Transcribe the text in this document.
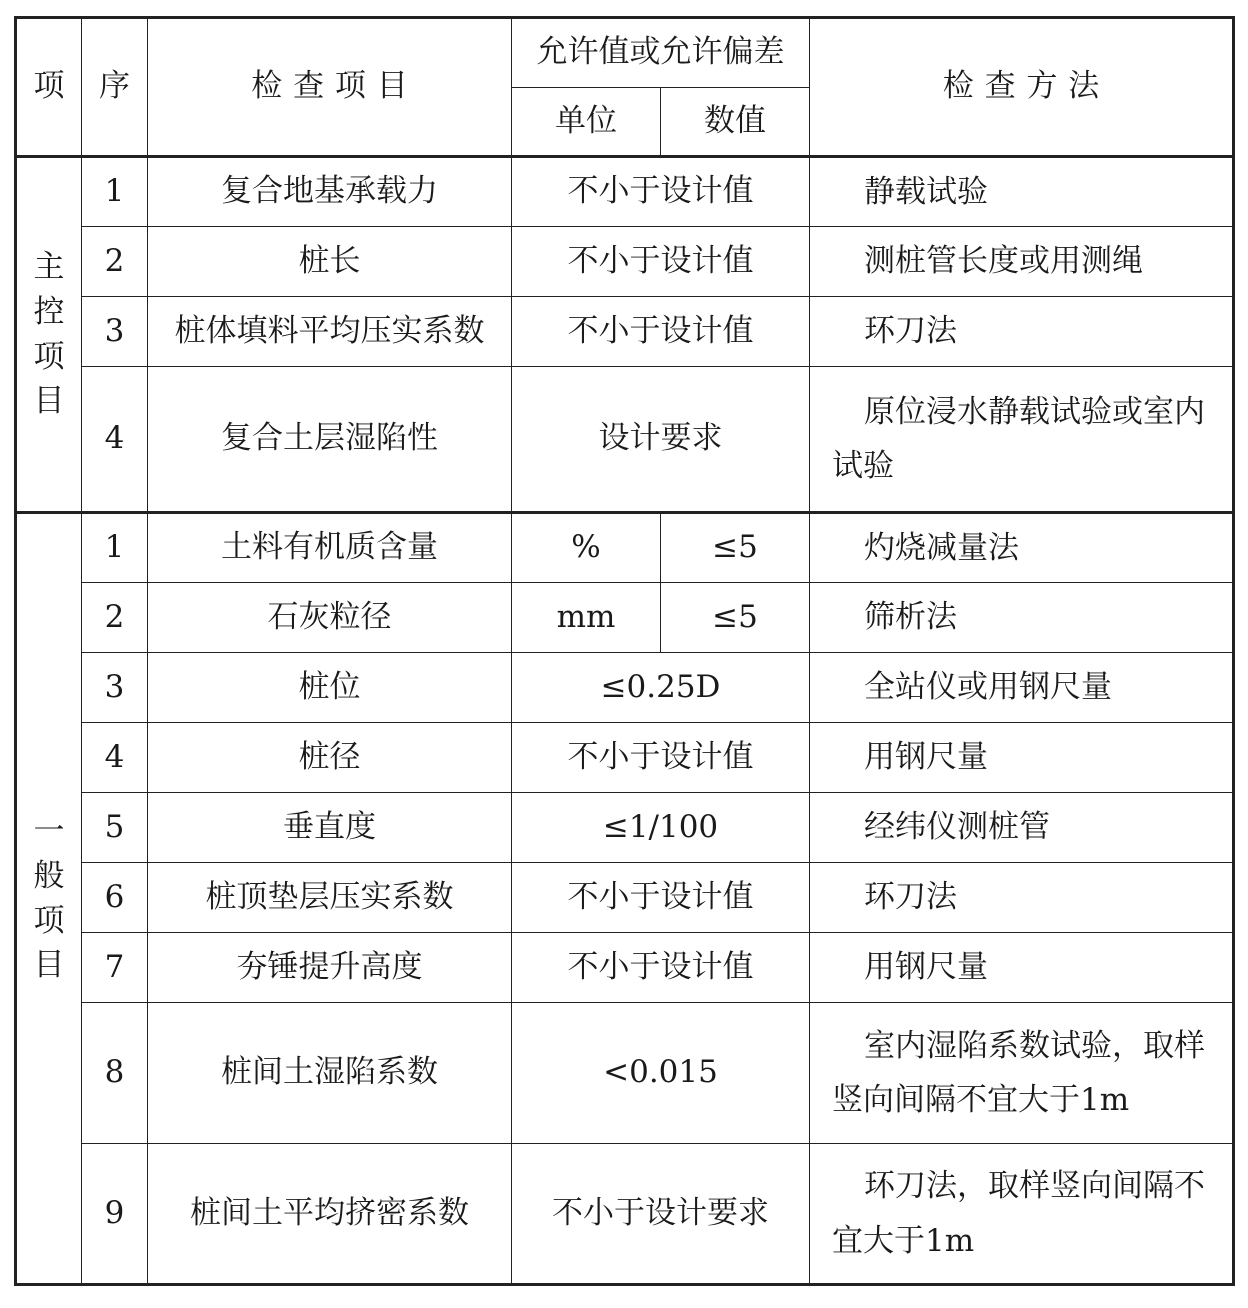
项	序	检查项目	允许值或允许偏差		检查方法
			单位	数值	

主控项目	1	复合地基承载力	不小于设计值		静载试验
	2	桩长	不小于设计值		测桩管长度或用测绳
	3	桩体填料平均压实系数	不小于设计值		环刀法
	4	复合土层湿陷性	设计要求		原位浸水静载试验或室内试验

一般项目	1	土料有机质含量	%	≤5	灼烧减量法
	2	石灰粒径	mm	≤5	筛析法
	3	桩位	≤0.25D		全站仪或用钢尺量
	4	桩径	不小于设计值		用钢尺量
	5	垂直度	≤1/100		经纬仪测桩管
	6	桩顶垫层压实系数	不小于设计值		环刀法
	7	夯锤提升高度	不小于设计值		用钢尺量
	8	桩间土湿陷系数	<0.015		室内湿陷系数试验，取样竖向间隔不宜大于1m
	9	桩间土平均挤密系数	不小于设计要求		环刀法，取样竖向间隔不宜大于1m
